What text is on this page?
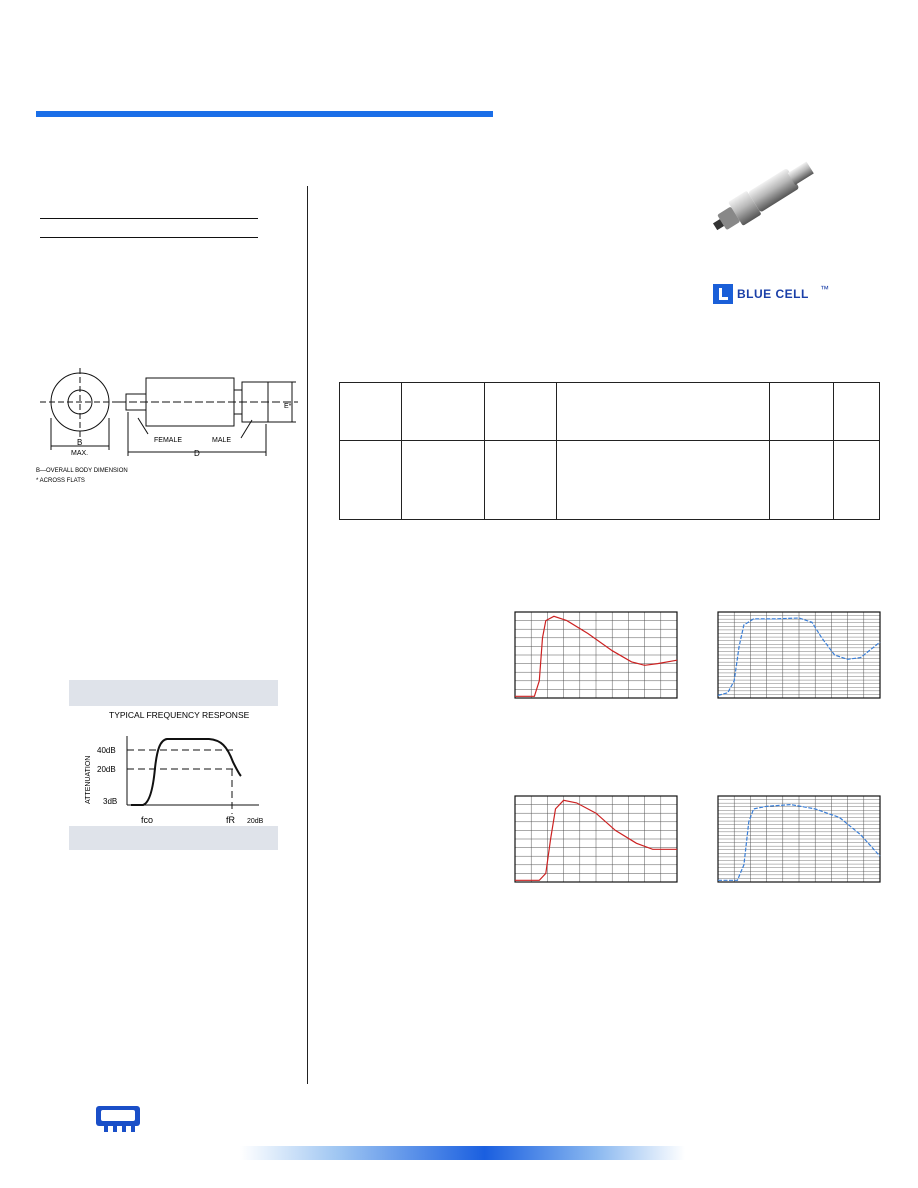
B
MAX.	D
E*
FEMALE	MALE
B—OVERALL BODY DIMENSION
* ACROSS FLATS
TYPICAL FREQUENCY RESPONSE
ATTENUATION
40dB
20dB
3dB
fco	fR 20dB
BLUE CELL ™
